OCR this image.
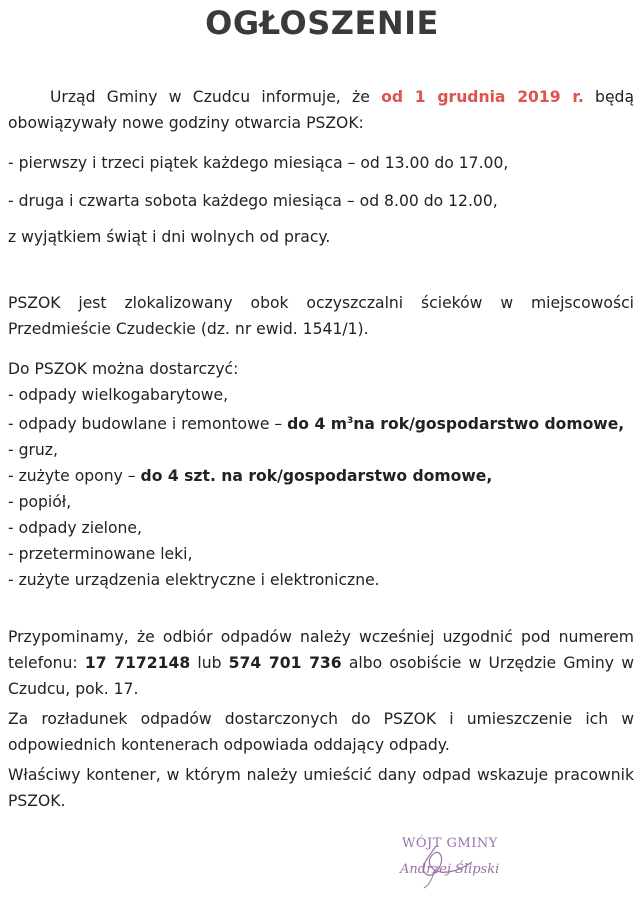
OGŁOSZENIE

Urząd Gminy w Czudcu informuje, że od 1 grudnia 2019 r. będą obowiązywały nowe godziny otwarcia PSZOK:

- pierwszy i trzeci piątek każdego miesiąca – od 13.00 do 17.00,
- druga i czwarta sobota każdego miesiąca – od 8.00 do 12.00,
z wyjątkiem świąt i dni wolnych od pracy.

PSZOK jest zlokalizowany obok oczyszczalni ścieków w miejscowości Przedmieście Czudeckie (dz. nr ewid. 1541/1).

Do PSZOK można dostarczyć:
- odpady wielkogabarytowe,
- odpady budowlane i remontowe – do 4 $m^3na$ rok/gospodarstwo domowe,
- gruz,
- zużyte opony – do 4 szt. na rok/gospodarstwo domowe,
- popiół,
- odpady zielone,
- przeterminowane leki,
- zużyte urządzenia elektryczne i elektroniczne.

Przypominamy, że odbiór odpadów należy wcześniej uzgodnić pod numerem telefonu: 17 7172148 lub 574 701 736 albo osobiście w Urzędzie Gminy w Czudcu, pok. 17.

Za rozładunek odpadów dostarczonych do PSZOK i umieszczenie ich w odpowiednich kontenerach odpowiada oddający odpady.

Właściwy kontener, w którym należy umieścić dany odpad wskazuje pracownik PSZOK.

WÓJT GMINY
Andrzej Ślipski
